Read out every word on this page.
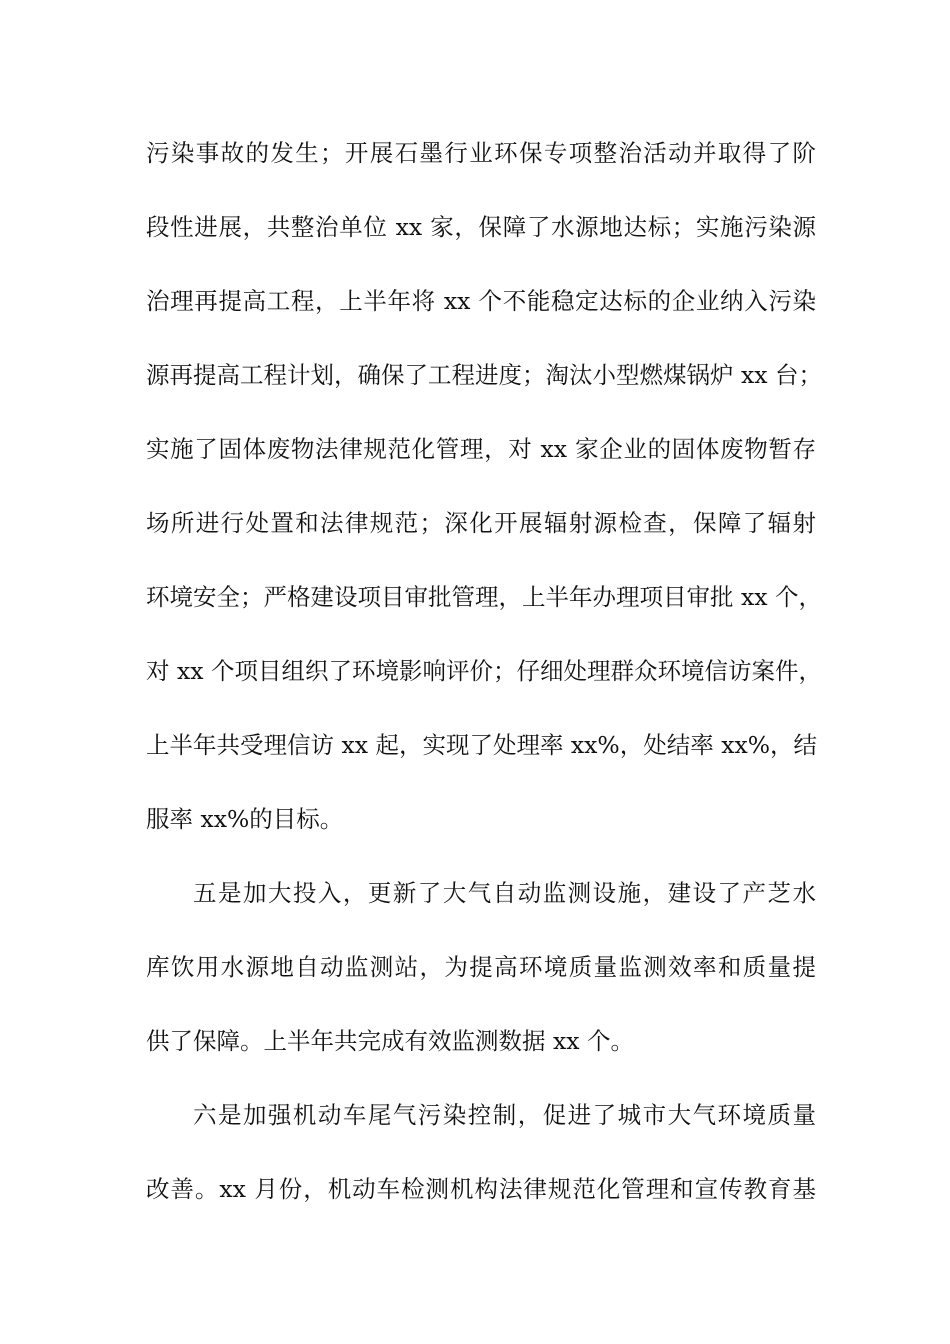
污染事故的发生；开展石墨行业环保专项整治活动并取得了阶
段性进展，共整治单位 xx 家，保障了水源地达标；实施污染源
治理再提高工程，上半年将 xx 个不能稳定达标的企业纳入污染
源再提高工程计划，确保了工程进度；淘汰小型燃煤锅炉 xx 台；
实施了固体废物法律规范化管理，对 xx 家企业的固体废物暂存
场所进行处置和法律规范；深化开展辐射源检查，保障了辐射
环境安全；严格建设项目审批管理，上半年办理项目审批 xx 个，
对 xx 个项目组织了环境影响评价；仔细处理群众环境信访案件，
上半年共受理信访 xx 起，实现了处理率 xx%，处结率 xx%，结
服率 xx%的目标。
五是加大投入，更新了大气自动监测设施，建设了产芝水
库饮用水源地自动监测站，为提高环境质量监测效率和质量提
供了保障。上半年共完成有效监测数据 xx 个。
六是加强机动车尾气污染控制，促进了城市大气环境质量
改善。xx 月份，机动车检测机构法律规范化管理和宣传教育基
